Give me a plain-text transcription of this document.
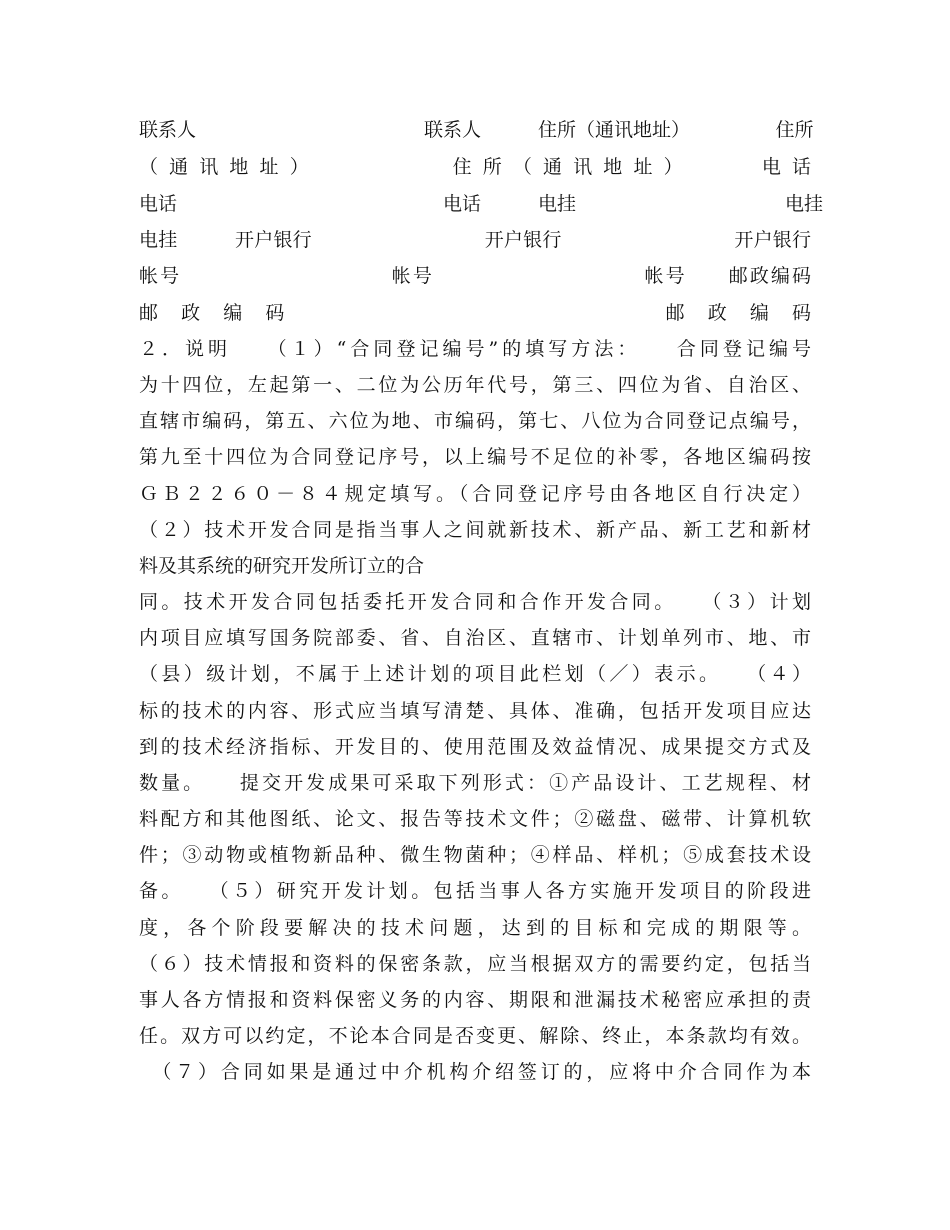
联系人　　　　　　　　　　　　联系人　　　住所（通讯地址）　　　　　住所
（ 通 讯 地 址 ）　　　　　　　住 所 （ 通 讯 地 址 ）　　　　电 话
电话　　　　　　　　　　　　　　电话　　　电挂　　　　　　　　　　　电挂
电挂　　　开户银行　　　　　　　　　开户银行　　　　　　　　　开户银行
帐号　　　　　　　　　　帐号　　　　　　　　　　帐号　　邮政编码
邮　政　编　码　　　　　　　　　　　　　　　　　　邮　政　编　码
２．说明　　（１）“合同登记编号”的填写方法：　　合同登记编号
为十四位，左起第一、二位为公历年代号，第三、四位为省、自治区、
直辖市编码，第五、六位为地、市编码，第七、八位为合同登记点编号，
第九至十四位为合同登记序号，以上编号不足位的补零，各地区编码按
ＧＢ２２６０－８４规定填写。（合同登记序号由各地区自行决定）
（２）技术开发合同是指当事人之间就新技术、新产品、新工艺和新材
料及其系统的研究开发所订立的合
同。技术开发合同包括委托开发合同和合作开发合同。　　（３）计划
内项目应填写国务院部委、省、自治区、直辖市、计划单列市、地、市
（县）级计划，不属于上述计划的项目此栏划（／）表示。　　（４）
标的技术的内容、形式应当填写清楚、具体、准确，包括开发项目应达
到的技术经济指标、开发目的、使用范围及效益情况、成果提交方式及
数量。　　提交开发成果可采取下列形式：①产品设计、工艺规程、材
料配方和其他图纸、论文、报告等技术文件；②磁盘、磁带、计算机软
件；③动物或植物新品种、微生物菌种；④样品、样机；⑤成套技术设
备。　　（５）研究开发计划。包括当事人各方实施开发项目的阶段进
度，各个阶段要解决的技术问题，达到的目标和完成的期限等。
（６）技术情报和资料的保密条款，应当根据双方的需要约定，包括当
事人各方情报和资料保密义务的内容、期限和泄漏技术秘密应承担的责
任。双方可以约定，不论本合同是否变更、解除、终止，本条款均有效。
　（７）合同如果是通过中介机构介绍签订的，应将中介合同作为本
